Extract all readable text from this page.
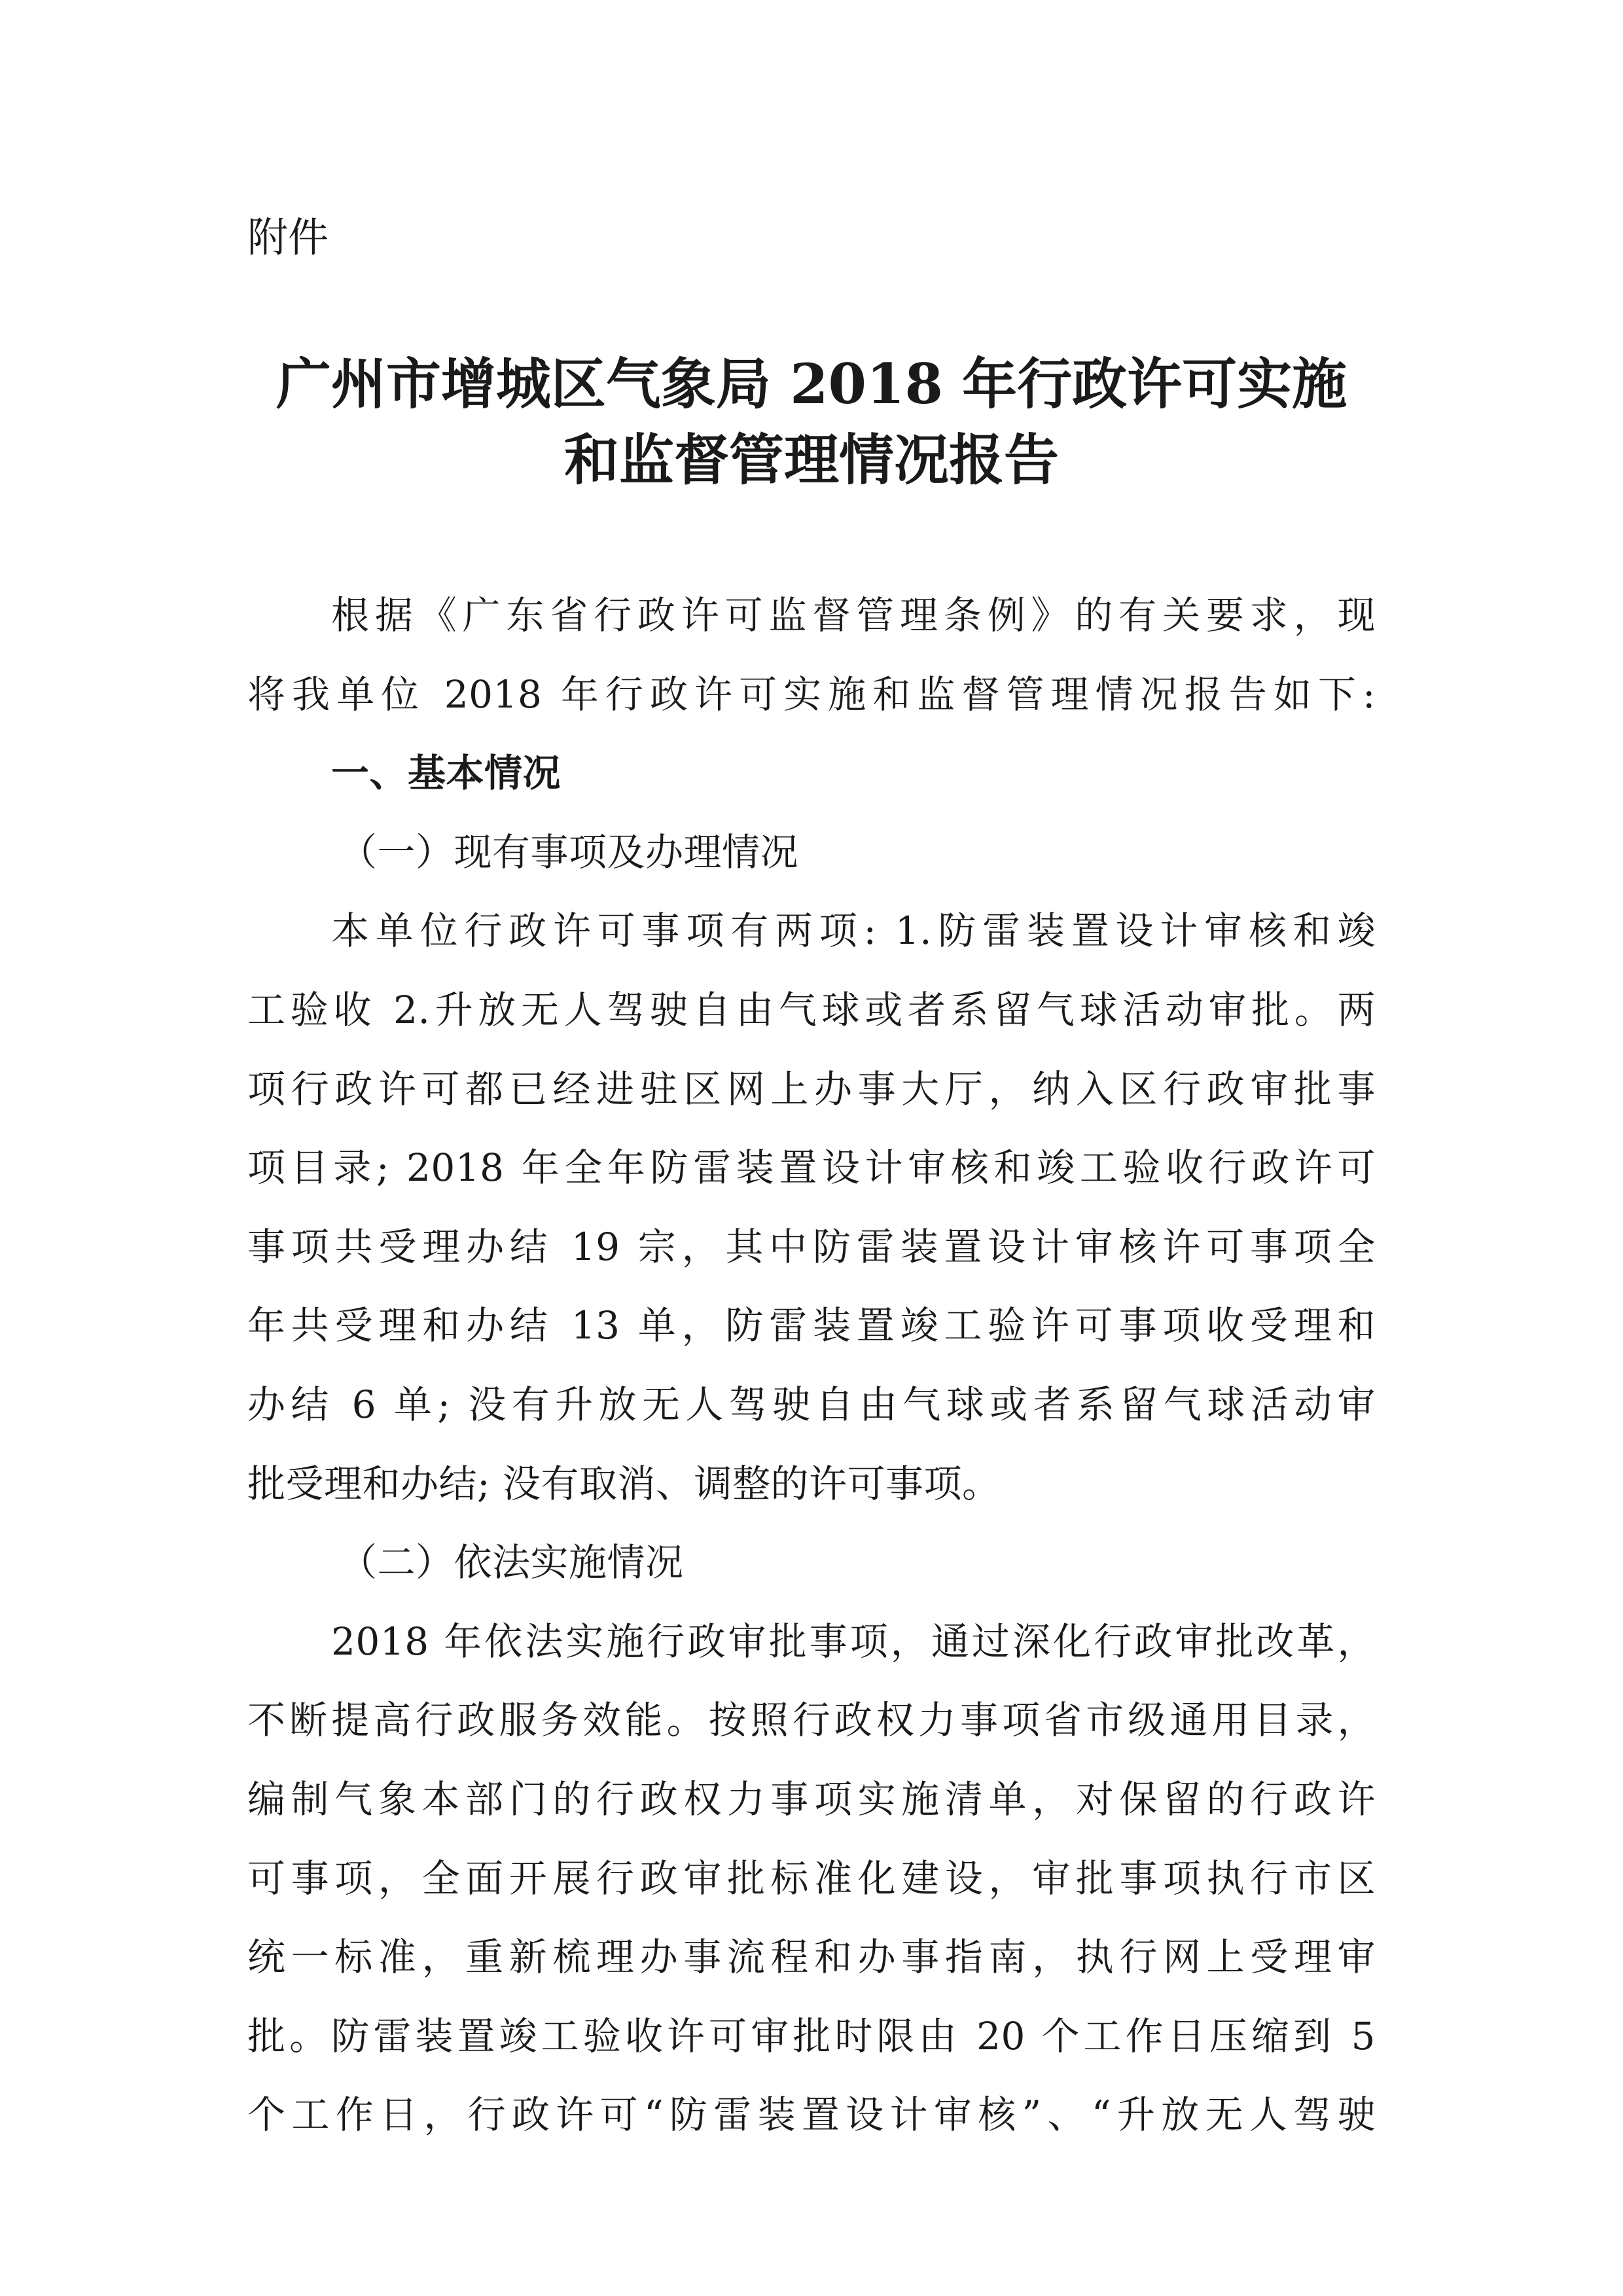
附件
广州市增城区气象局 2018 年行政许可实施
和监督管理情况报告
根据《广东省行政许可监督管理条例》的有关要求，现
将我单位 2018 年行政许可实施和监督管理情况报告如下:
一、基本情况
（一）现有事项及办理情况
本单位行政许可事项有两项: 1.防雷装置设计审核和竣
工验收 2.升放无人驾驶自由气球或者系留气球活动审批。两
项行政许可都已经进驻区网上办事大厅，纳入区行政审批事
项目录; 2018 年全年防雷装置设计审核和竣工验收行政许可
事项共受理办结 19 宗，其中防雷装置设计审核许可事项全
年共受理和办结 13 单，防雷装置竣工验许可事项收受理和
办结 6 单; 没有升放无人驾驶自由气球或者系留气球活动审
批受理和办结; 没有取消、调整的许可事项。
（二）依法实施情况
2018 年依法实施行政审批事项，通过深化行政审批改革，
不断提高行政服务效能。按照行政权力事项省市级通用目录，
编制气象本部门的行政权力事项实施清单，对保留的行政许
可事项，全面开展行政审批标准化建设，审批事项执行市区
统一标准，重新梳理办事流程和办事指南，执行网上受理审
批。防雷装置竣工验收许可审批时限由 20 个工作日压缩到 5
个工作日，行政许可“防雷装置设计审核”、“升放无人驾驶
